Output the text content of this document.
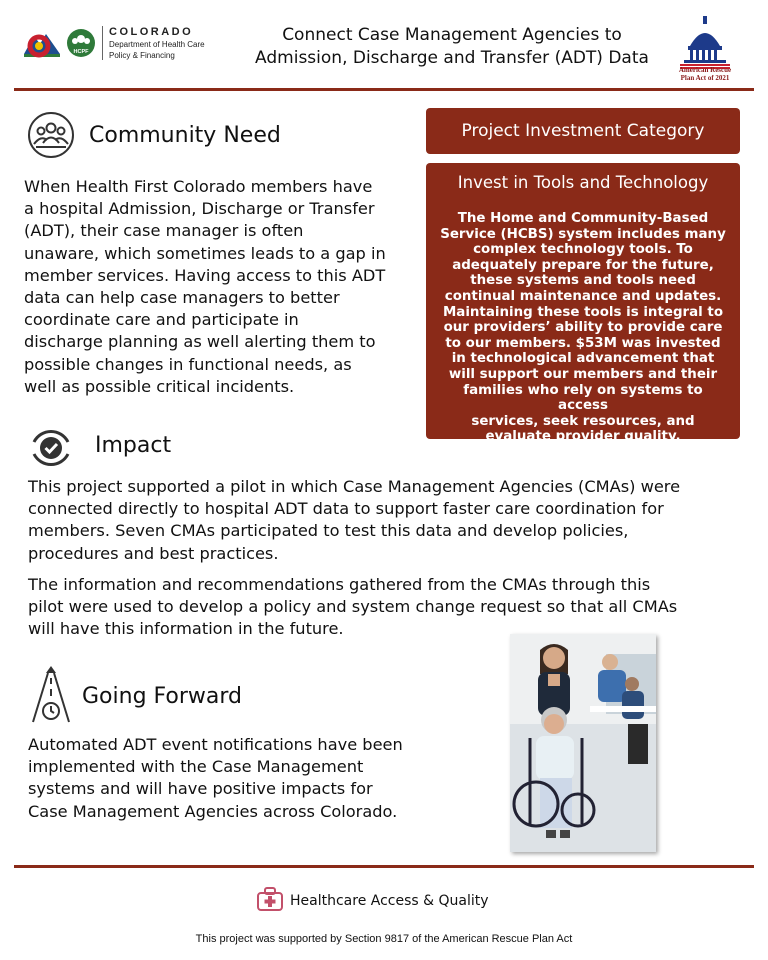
HCPF
COLORADO
Department of Health Care
Policy & Financing
Connect Case Management Agencies to
Admission, Discharge and Transfer (ADT) Data
American Rescue
Plan Act of 2021
Community Need
When Health First Colorado members have
a hospital Admission, Discharge or Transfer
(ADT), their case manager is often
unaware, which sometimes leads to a gap in
member services. Having access to this ADT
data can help case managers to better
coordinate care and participate in
discharge planning as well alerting them to
possible changes in functional needs, as
well as possible critical incidents.
Project Investment Category
Invest in Tools and Technology
The Home and Community-Based
Service (HCBS) system includes many
complex technology tools. To
adequately prepare for the future,
these systems and tools need
continual maintenance and updates.
Maintaining these tools is integral to
our providers’ ability to provide care
to our members. $53M was invested
in technological advancement that
will support our members and their
families who rely on systems to access
services, seek resources, and
evaluate provider quality.
Impact
This project supported a pilot in which Case Management Agencies (CMAs) were
connected directly to hospital ADT data to support faster care coordination for
members. Seven CMAs participated to test this data and develop policies,
procedures and best practices.
The information and recommendations gathered from the CMAs through this
pilot were used to develop a policy and system change request so that all CMAs
will have this information in the future.
Going Forward
Automated ADT event notifications have been
implemented with the Case Management
systems and will have positive impacts for
Case Management Agencies across Colorado.
Healthcare Access & Quality
This project was supported by Section 9817 of the American Rescue Plan Act
